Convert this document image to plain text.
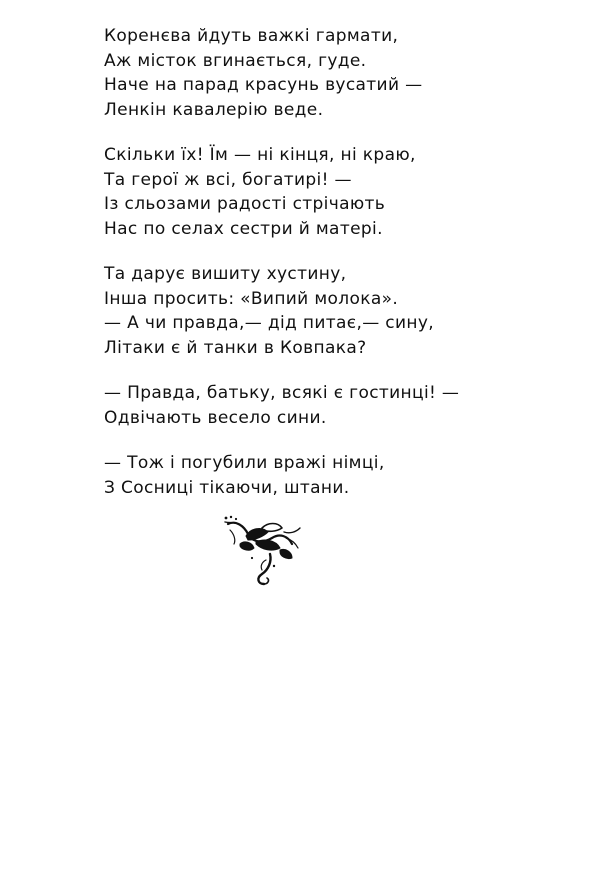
Коренєва йдуть важкі гармати,
Аж місток вгинається, гуде.
Наче на парад красунь вусатий —
Ленкін кавалерію веде.
Скільки їх! Їм — ні кінця, ні краю,
Та герої ж всі, богатирі! —
Із сльозами радості стрічають
Нас по селах сестри й матері.
Та дарує вишиту хустину,
Інша просить: «Випий молока».
— А чи правда,— дід питає,— сину,
Літаки є й танки в Ковпака?
— Правда, батьку, всякі є гостинці! —
Одвічають весело сини.
— Тож і погубили вражі німці,
З Сосниці тікаючи, штани.
